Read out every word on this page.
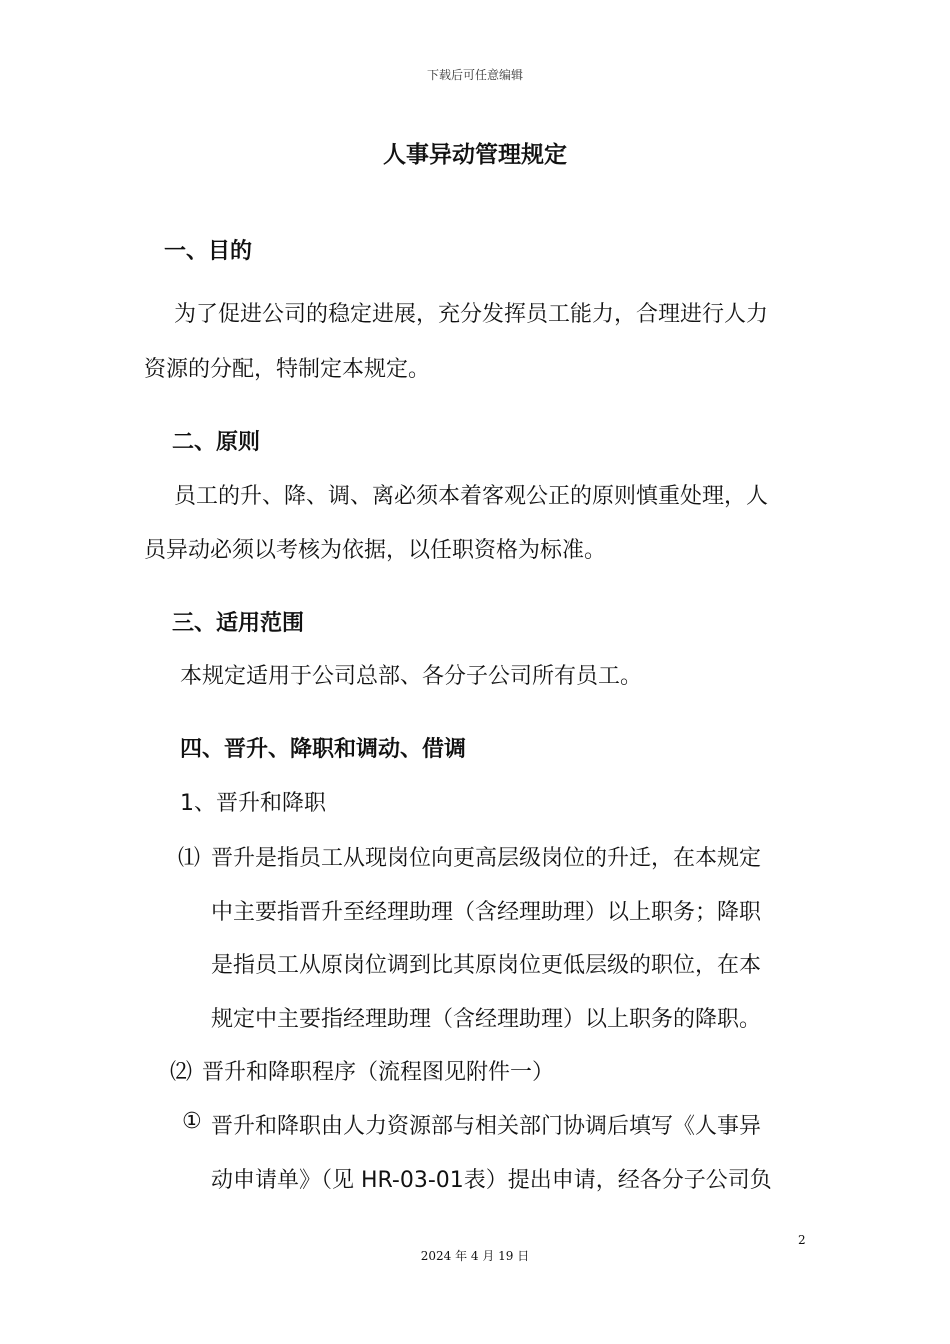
下载后可任意编辑
人事异动管理规定
一、目的
为了促进公司的稳定进展，充分发挥员工能力，合理进行人力
资源的分配，特制定本规定。
二、原则
员工的升、降、调、离必须本着客观公正的原则慎重处理，人
员异动必须以考核为依据，以任职资格为标准。
三、适用范围
本规定适用于公司总部、各分子公司所有员工。
四、晋升、降职和调动、借调
1、晋升和降职
⑴ 晋升是指员工从现岗位向更高层级岗位的升迁，在本规定
中主要指晋升至经理助理（含经理助理）以上职务；降职
是指员工从原岗位调到比其原岗位更低层级的职位，在本
规定中主要指经理助理（含经理助理）以上职务的降职。
⑵ 晋升和降职程序（流程图见附件一）
① 晋升和降职由人力资源部与相关部门协调后填写《人事异
动申请单》（见 HR-03-01表）提出申请，经各分子公司负
2
2024 年 4 月 19 日
